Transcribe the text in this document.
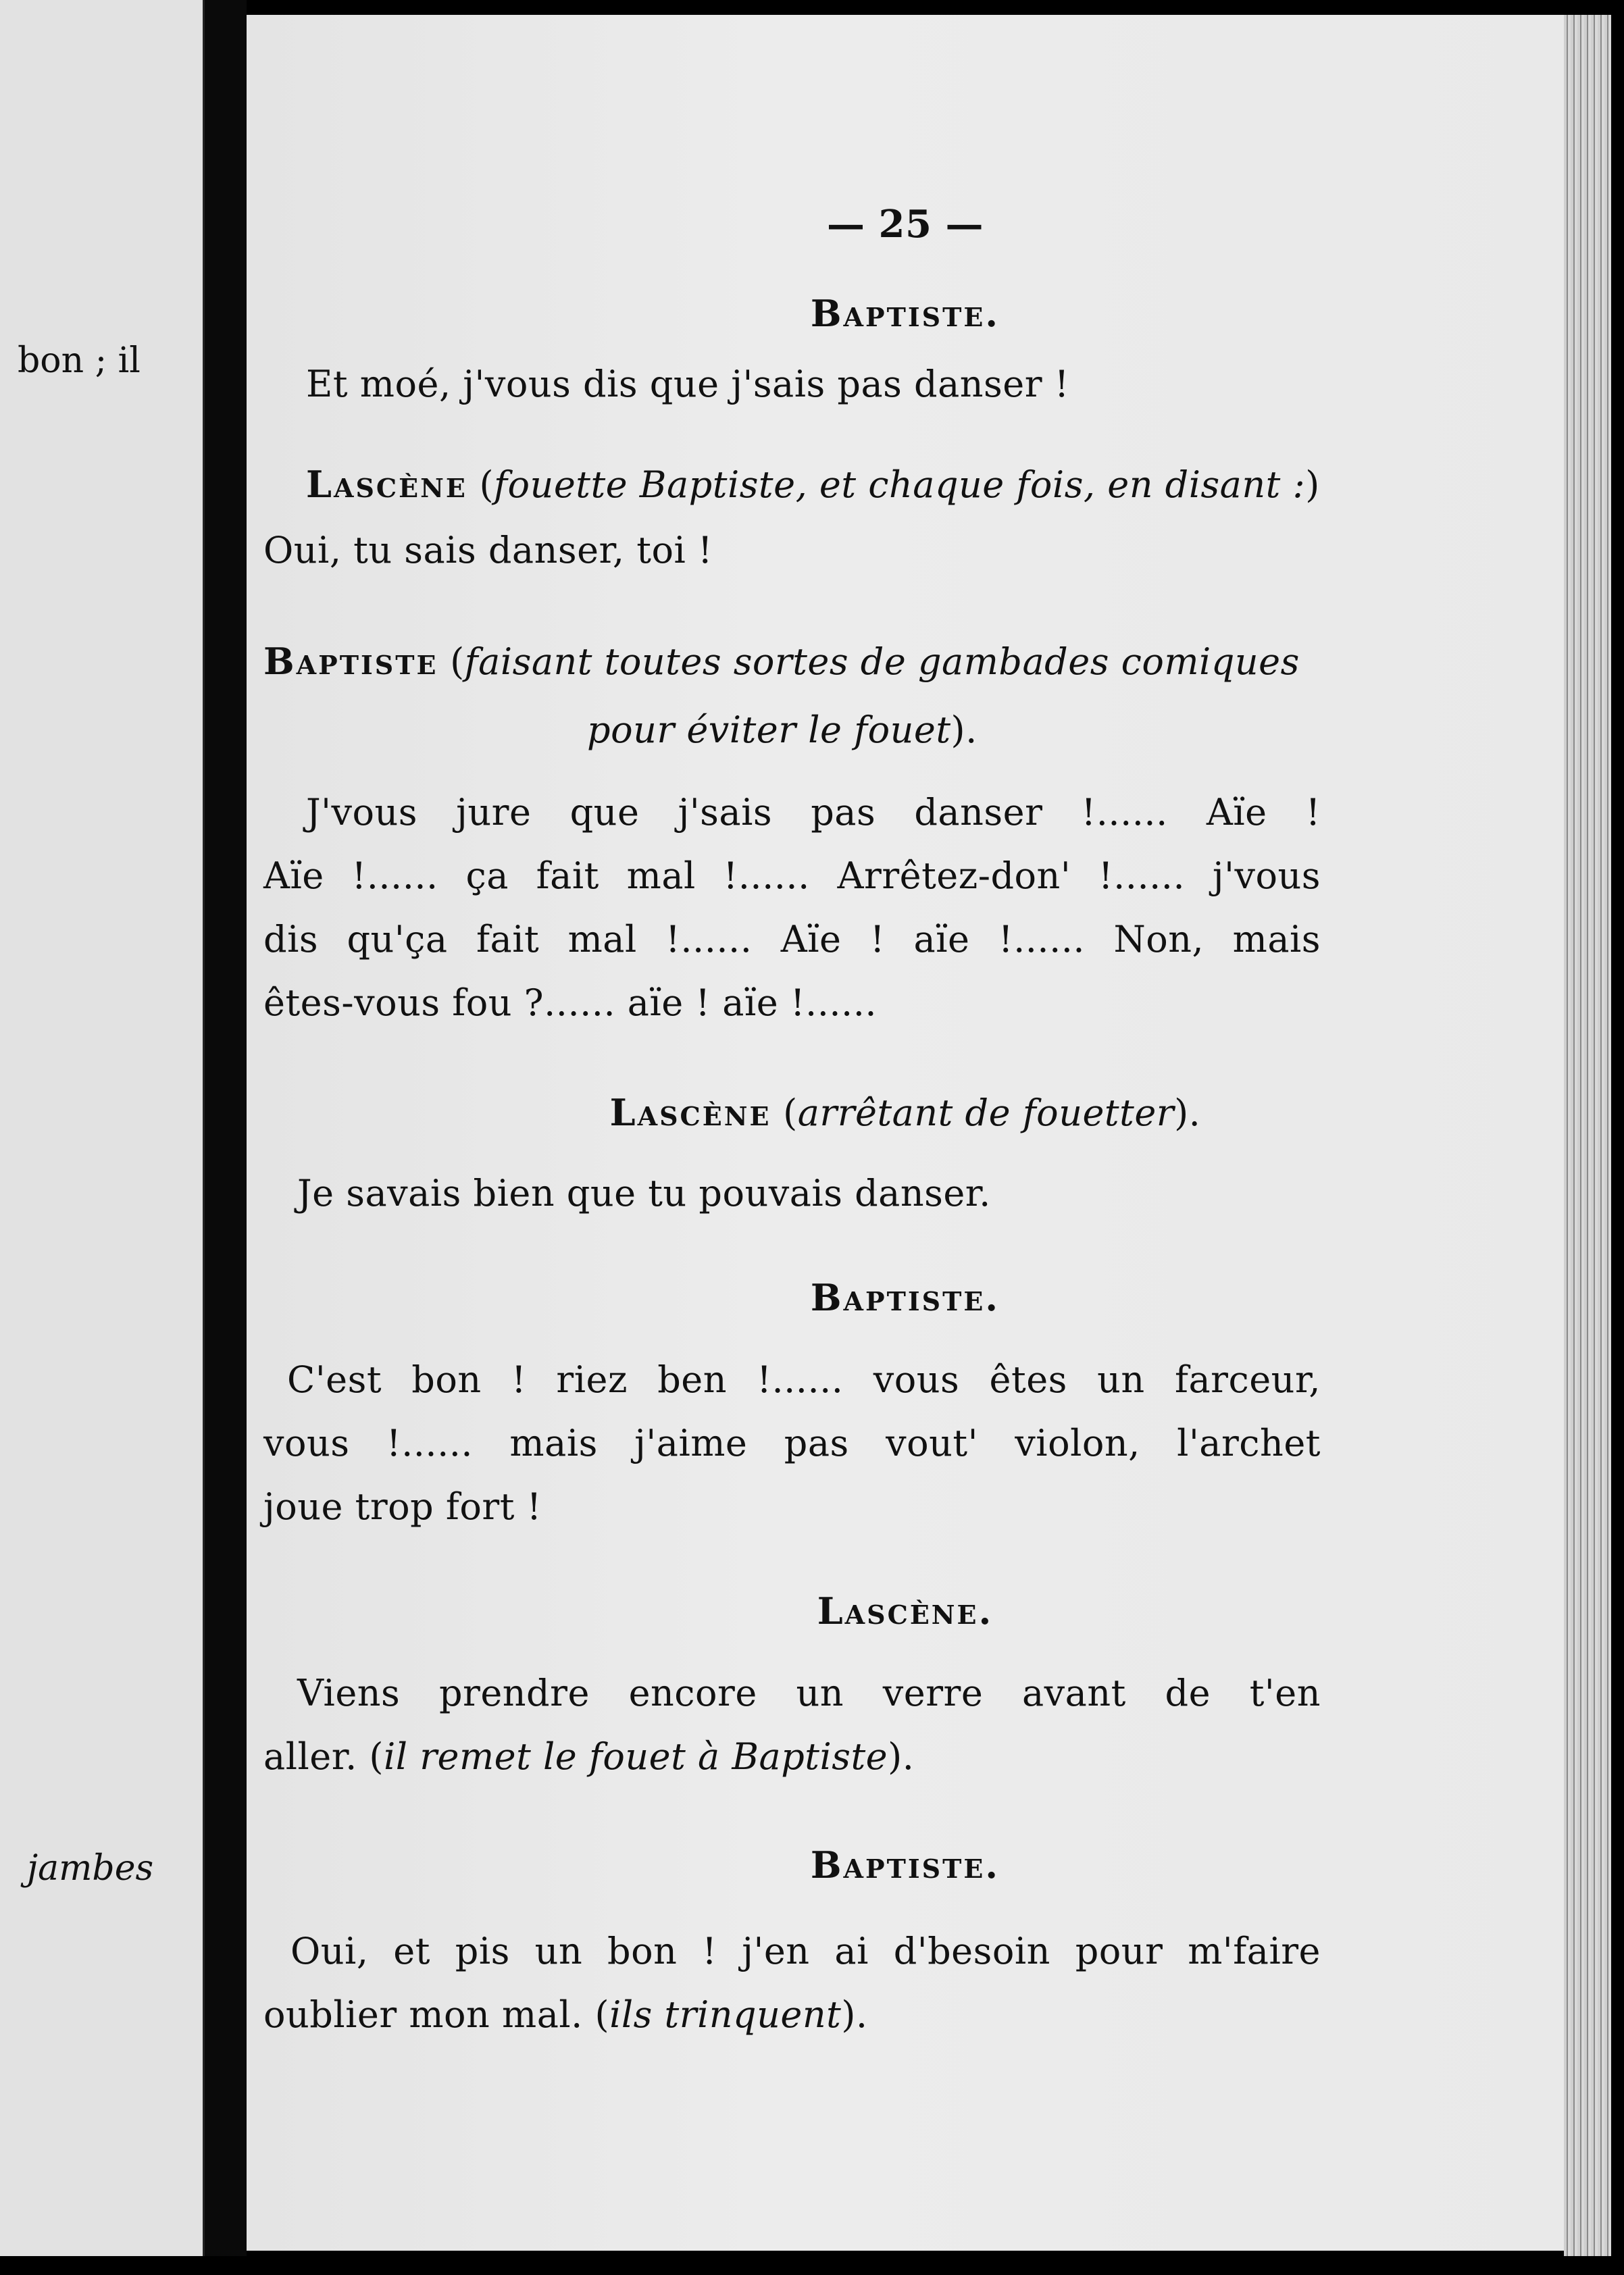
bon ; il
jambes
— 25 —
Baptiste.
Et moé, j'vous dis que j'sais pas danser !
Lascène (fouette Baptiste, et chaque fois, en disant :)
Oui, tu sais danser, toi !
Baptiste (faisant toutes sortes de gambades comiques
pour éviter le fouet).
J'vous jure que j'sais pas danser !...... Aïe !
Aïe !...... ça fait mal !...... Arrêtez-don' !...... j'vous
dis qu'ça fait mal !...... Aïe ! aïe !...... Non, mais
êtes-vous fou ?...... aïe ! aïe !......
Lascène (arrêtant de fouetter).
Je savais bien que tu pouvais danser.
Baptiste.
C'est bon ! riez ben !...... vous êtes un farceur,
vous !...... mais j'aime pas vout' violon, l'archet
joue trop fort !
Lascène.
Viens prendre encore un verre avant de t'en
aller. (il remet le fouet à Baptiste).
Baptiste.
Oui, et pis un bon ! j'en ai d'besoin pour m'faire
oublier mon mal. (ils trinquent).
